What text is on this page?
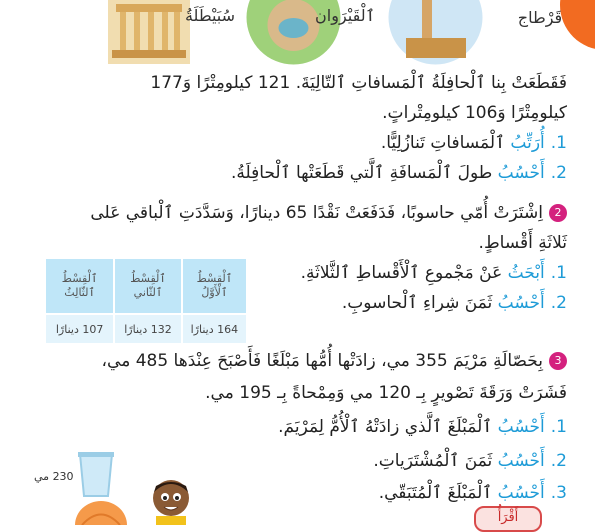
قَرْطاج
ٱلْقَيْرَوان
سُبَيْطَلَةُ
فَقَطَعَتْ بِنا ٱلْحافِلَةُ ٱلْمَسافاتِ ٱلتّالِيَةَ. 121 كيلومِتْرًا وَ177
كيلومِتْرًا وَ106 كيلومِتْراتٍ.
1.أُرَتِّبُ ٱلْمَسافاتِ تَنازُلِيًّا.
2.أَحْسُبُ طولَ ٱلْمَسافَةِ ٱلَّتي قَطَعَتْها ٱلْحافِلَةُ.
2اِشْتَرَتْ أُمّي حاسوبًا، فَدَفَعَتْ نَقْدًا 65 دينارًا، وَسَدَّدَتِ ٱلْباقي عَلى
ثَلاثَةِ أَقْساطٍ.
1.أَبْحَثُ عَنْ مَجْموعِ ٱلْأَقْساطِ ٱلثَّلاثَةِ.
2.أَحْسُبُ ثَمَنَ شِراءِ ٱلْحاسوبِ.
ٱلْقِسْطُ ٱلْأَوَّلُ	ٱلْقِسْطُ ٱلثّاني	ٱلْقِسْطُ ٱلثّالِثُ
164 دينارًا	132 دينارًا	107 دينارًا
3بِحَصّالَةِ مَرْيَمَ 355 مي، زادَتْها أُمُّها مَبْلَغًا فَأَصْبَحَ عِنْدَها 485 مي،
فَشَرَتْ وَرَقَةَ تَصْويرٍ بِـ 120 مي وَمِمْحاةً بِـ 195 مي.
1.أَحْسُبُ ٱلْمَبْلَغَ ٱلَّذي زادَتْهُ ٱلْأُمُّ لِمَرْيَمَ.
2.أَحْسُبُ ثَمَنَ ٱلْمُشْتَرَياتِ.
3.أَحْسُبُ ٱلْمَبْلَغَ ٱلْمُتَبَقّي.
230 مي
أَقْرَأُ
